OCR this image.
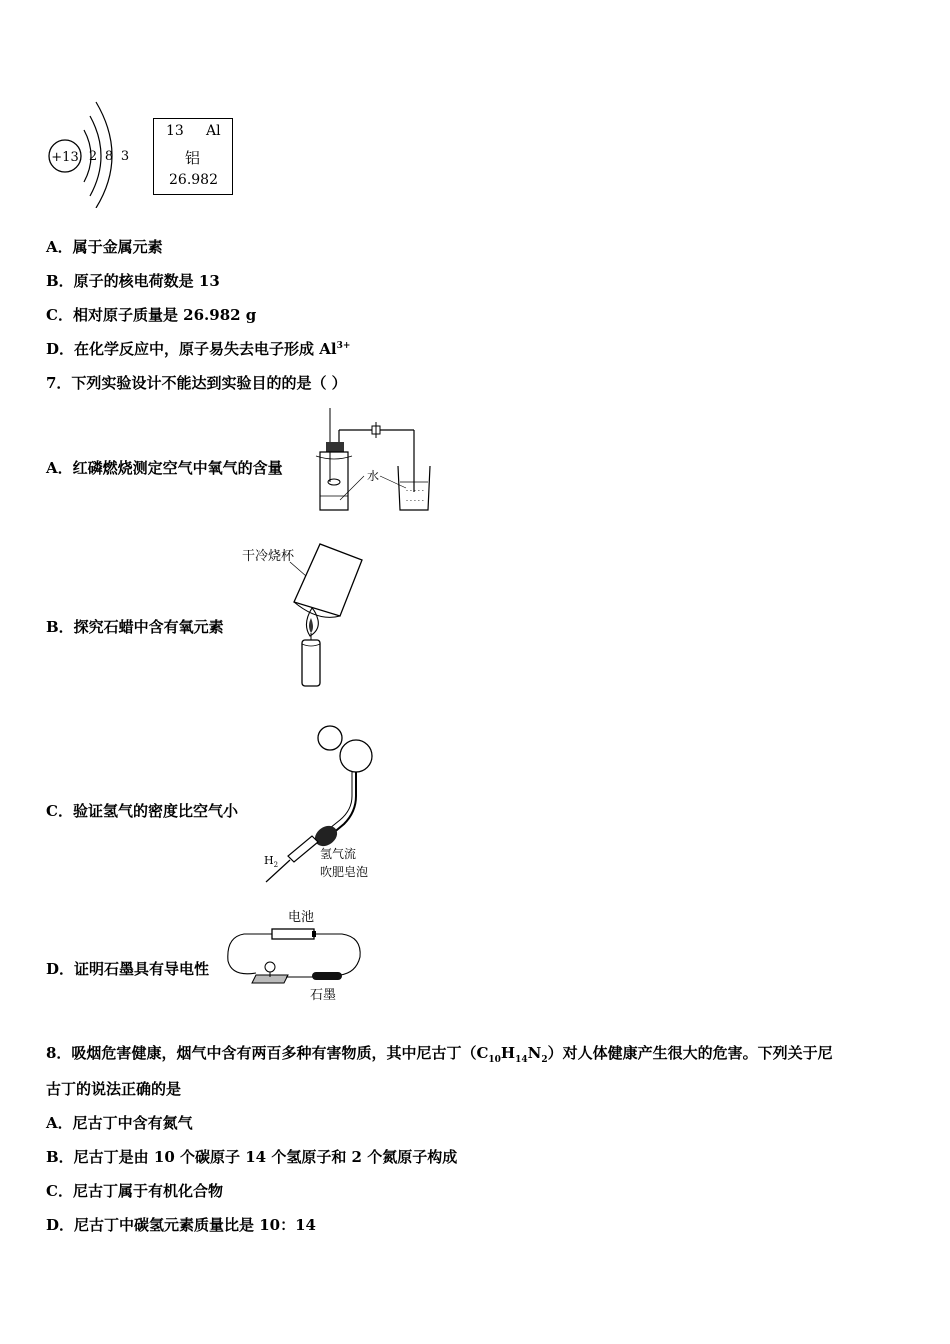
+13 2 8 3
13 Al
铝
26.982
A．属于金属元素
B．原子的核电荷数是 13
C．相对原子质量是 26.982 g
D．在化学反应中，原子易失去电子形成 $Al^{3+}$
7．下列实验设计不能达到实验目的的是（ ）
A．红磷燃烧测定空气中氧气的含量
- - - - -
- - - - -
水
B．探究石蜡中含有氧元素
干冷烧杯
C．验证氢气的密度比空气小
$H_2$
氢气流
吹肥皂泡
D．证明石墨具有导电性
电池
石墨
8．吸烟危害健康，烟气中含有两百多种有害物质，其中尼古丁$(C_{10}H_{14}N_2)$对人体健康产生很大的危害。下列关于尼
古丁的说法正确的是
A．尼古丁中含有氮气
B．尼古丁是由 10 个碳原子 14 个氢原子和 2 个氮原子构成
C．尼古丁属于有机化合物
D．尼古丁中碳氢元素质量比是 10：14
